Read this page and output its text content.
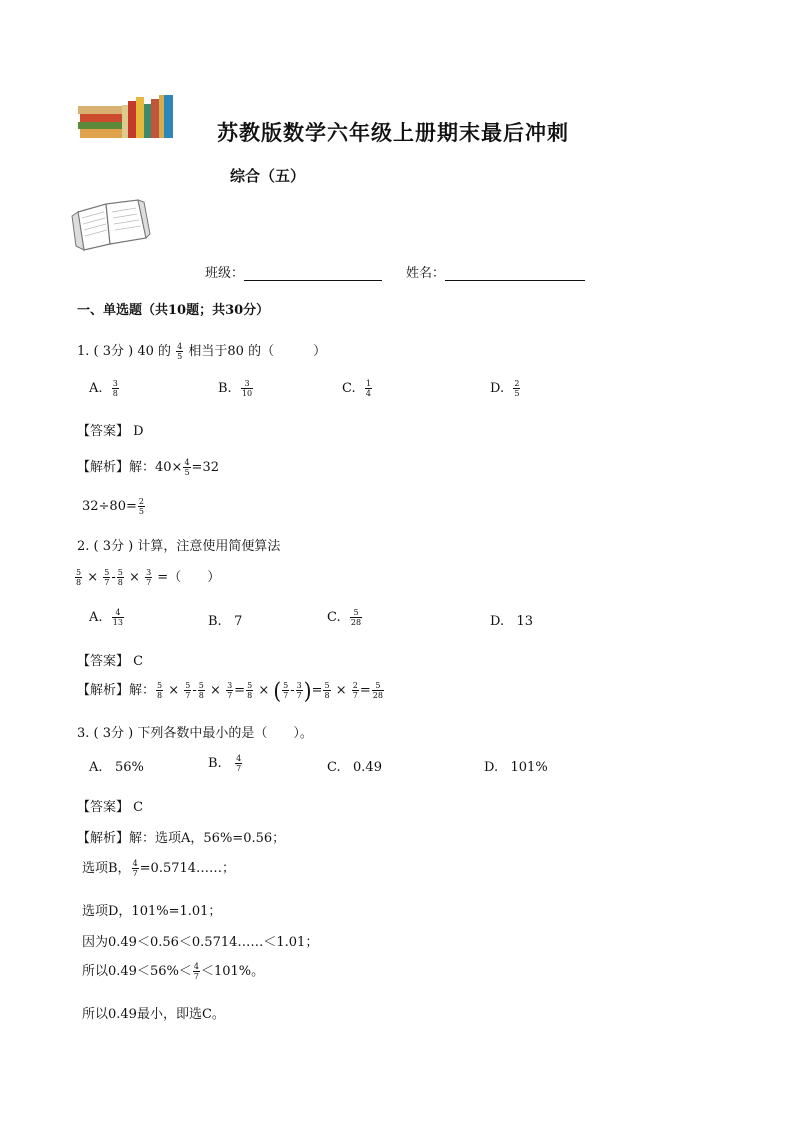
苏教版数学六年级上册期末最后冲刺
综合（五）
班级：	姓名：
一、单选题（共10题；共30分）
1. ( 3分 ) 40 的 $\frac{4}{5}$ 相当于80 的（　　　）
A. $\frac{3}{8}$	B. $\frac{3}{10}$	C. $\frac{1}{4}$	D. $\frac{2}{5}$
【答案】 D
【解析】解：$40\times \frac{4}{5} =32$
$32\div 80= \frac{2}{5}$
2. ( 3分 ) 计算，注意使用简便算法
$\frac{5}{8} \times \frac{5}{7} - \frac{5}{8} \times \frac{3}{7}$ =（　　）
A. $\frac{4}{13}$	B. 7	C. $\frac{5}{28}$	D. 13
【答案】 C
【解析】解： $\frac{5}{8} \times \frac{5}{7} - \frac{5}{8} \times \frac{3}{7} = \frac{5}{8}$ × ( $\frac{5}{7} - \frac{3}{7}$ )= $\frac{5}{8} \times \frac{2}{7} = \frac{5}{28}$
3. ( 3分 ) 下列各数中最小的是（　　）。
A. 56%	B. $\frac{4}{7}$	C. 0.49	D. 101%
【答案】 C
【解析】解：选项A，56%=0.56；
选项B， $\frac{4}{7}$ =0.5714……；
选项D，101%=1.01；
因为0.49＜0.56＜0.5714……＜1.01；
所以$0.49<56\%< \frac{4}{7} <101\%$。
所以0.49最小，即选C。
